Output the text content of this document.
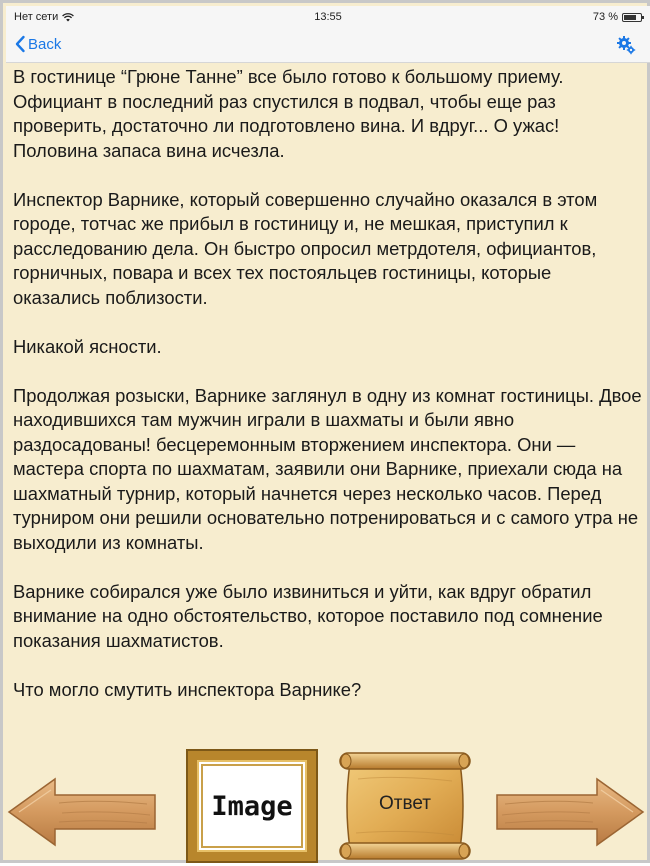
Нет сети	13:55	73 %
Back

В гостинице “Грюне Танне” все было готово к большому приему. Официант в последний раз спустился в подвал, чтобы еще раз проверить, достаточно ли подготовлено вина. И вдруг... О ужас! Половина запаса вина исчезла.

Инспектор Варнике, который совершенно случайно оказался в этом городе, тотчас же прибыл в гостиницу и, не мешкая, приступил к расследованию дела. Он быстро опросил метрдотеля, официантов, горничных, повара и всех тех постояльцев гостиницы, которые оказались поблизости.

Никакой ясности.

Продолжая розыски, Варнике заглянул в одну из комнат гостиницы. Двое находившихся там мужчин играли в шахматы и были явно раздосадованы! бесцеремонным вторжением инспектора. Они — мастера спорта по шахматам, заявили они Варнике, приехали сюда на шахматный турнир, который начнется через несколько часов. Перед турниром они решили основательно потренироваться и с самого утра не выходили из комнаты.

Варнике собирался уже было извиниться и уйти, как вдруг обратил внимание на одно обстоятельство, которое поставило под сомнение показания шахматистов.

Что могло смутить инспектора Варнике?

Image	Ответ
